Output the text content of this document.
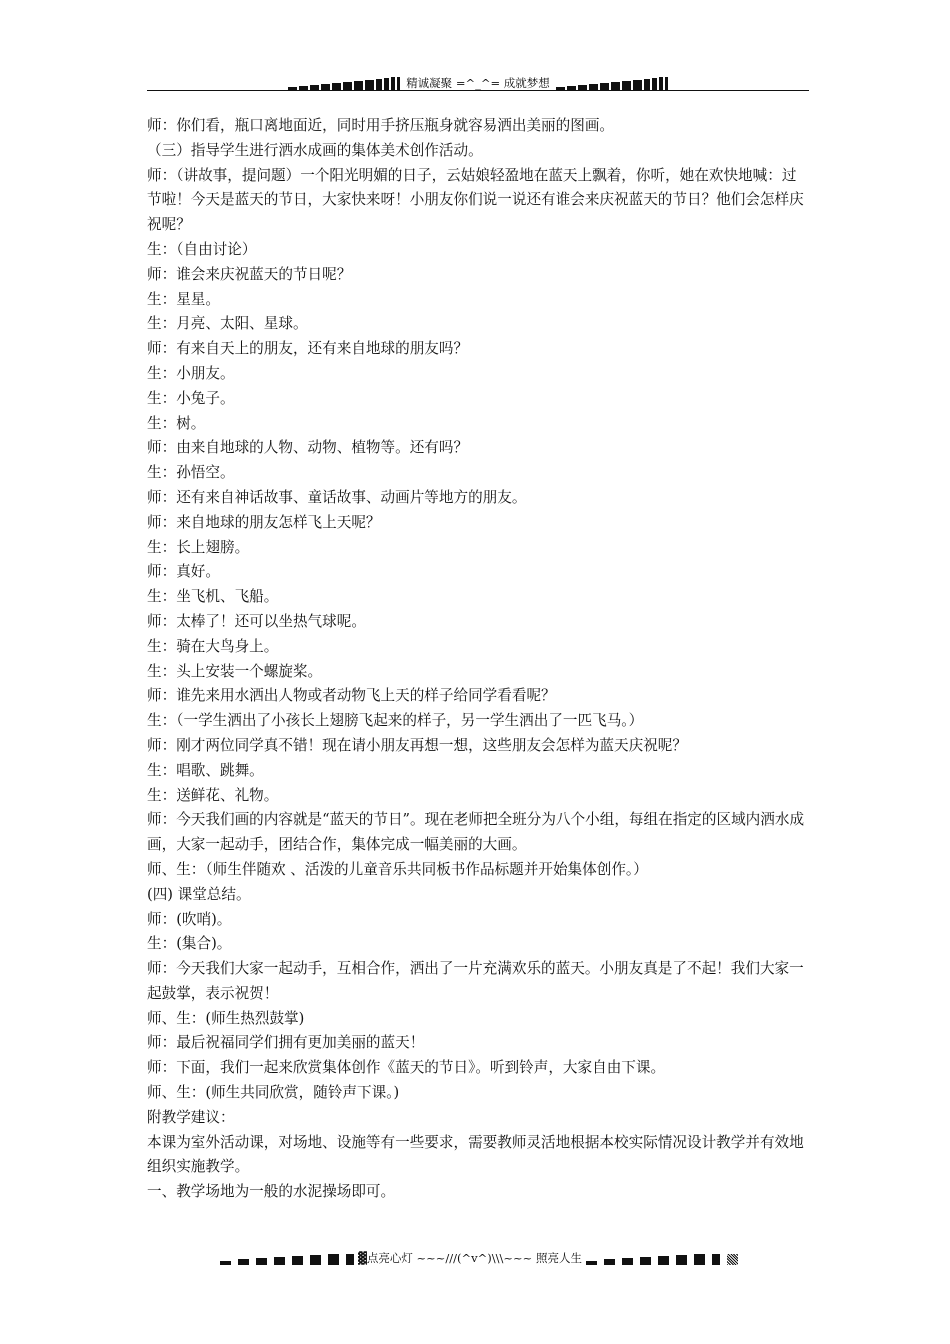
精诚凝聚 =^_^= 成就梦想

师：你们看，瓶口离地面近，同时用手挤压瓶身就容易洒出美丽的图画。

（三）指导学生进行洒水成画的集体美术创作活动。

师：（讲故事，提问题）一个阳光明媚的日子，云姑娘轻盈地在蓝天上飘着，你听，她在欢快地喊：过节啦！今天是蓝天的节日，大家快来呀！小朋友你们说一说还有谁会来庆祝蓝天的节日？他们会怎样庆祝呢？

生：（自由讨论）

师：谁会来庆祝蓝天的节日呢？

生：星星。

生：月亮、太阳、星球。

师：有来自天上的朋友，还有来自地球的朋友吗？

生：小朋友。

生：小兔子。

生：树。

师：由来自地球的人物、动物、植物等。还有吗？

生：孙悟空。

师：还有来自神话故事、童话故事、动画片等地方的朋友。

师：来自地球的朋友怎样飞上天呢？

生：长上翅膀。

师：真好。

生：坐飞机、飞船。

师：太棒了！还可以坐热气球呢。

生：骑在大鸟身上。

生：头上安装一个螺旋桨。

师：谁先来用水洒出人物或者动物飞上天的样子给同学看看呢？

生：（一学生洒出了小孩长上翅膀飞起来的样子，另一学生洒出了一匹飞马。）

师：刚才两位同学真不错！现在请小朋友再想一想，这些朋友会怎样为蓝天庆祝呢？

生：唱歌、跳舞。

生：送鲜花、礼物。

师：今天我们画的内容就是“蓝天的节日”。现在老师把全班分为八个小组，每组在指定的区域内洒水成画，大家一起动手，团结合作，集体完成一幅美丽的大画。

师、生：（师生伴随欢 、活泼的儿童音乐共同板书作品标题并开始集体创作。）

(四) 课堂总结。

师：(吹哨)。

生：(集合)。

师：今天我们大家一起动手，互相合作，洒出了一片充满欢乐的蓝天。小朋友真是了不起！我们大家一起鼓掌，表示祝贺！

师、生：(师生热烈鼓掌)

师：最后祝福同学们拥有更加美丽的蓝天！

师：下面，我们一起来欣赏集体创作《蓝天的节日》。听到铃声，大家自由下课。

师、生：(师生共同欣赏，随铃声下课。)

附教学建议：

本课为室外活动课，对场地、设施等有一些要求，需要教师灵活地根据本校实际情况设计教学并有效地组织实施教学。

一、教学场地为一般的水泥操场即可。

▓点亮心灯 ~~~///(^v^)\\\~~~ 照亮人生
